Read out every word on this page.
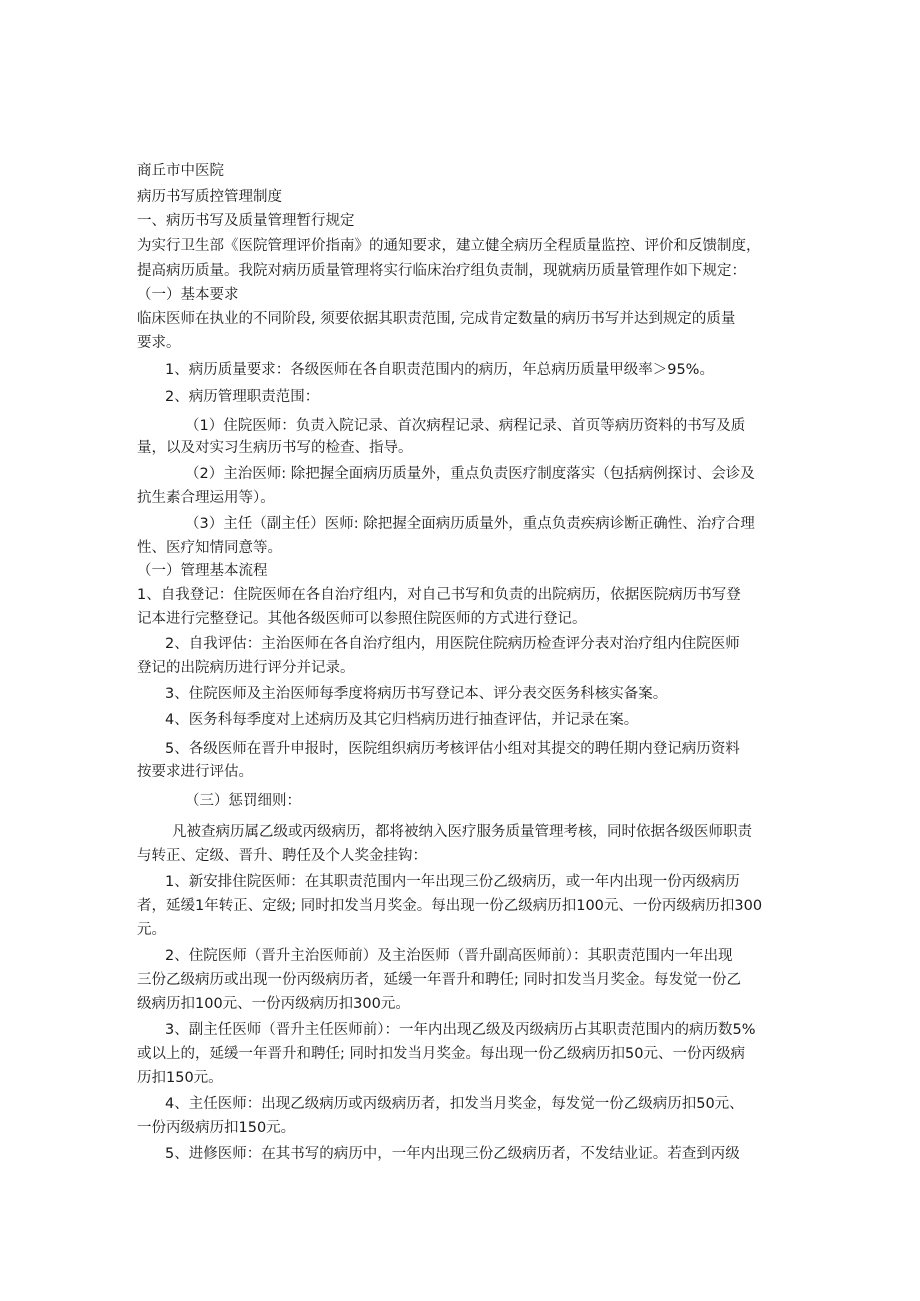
商丘市中医院
病历书写质控管理制度
一、病历书写及质量管理暂行规定
为实行卫生部《医院管理评价指南》的通知要求，建立健全病历全程质量监控、评价和反馈制度，
提高病历质量。我院对病历质量管理将实行临床治疗组负责制，现就病历质量管理作如下规定：
（一）基本要求
临床医师在执业的不同阶段, 须要依据其职责范围, 完成肯定数量的病历书写并达到规定的质量
要求。
1、病历质量要求：各级医师在各自职责范围内的病历，年总病历质量甲级率＞95%。
2、病历管理职责范围：
（1）住院医师：负责入院记录、首次病程记录、病程记录、首页等病历资料的书写及质
量，以及对实习生病历书写的检查、指导。
（2）主治医师: 除把握全面病历质量外，重点负责医疗制度落实（包括病例探讨、会诊及
抗生素合理运用等）。
（3）主任（副主任）医师: 除把握全面病历质量外，重点负责疾病诊断正确性、治疗合理
性、医疗知情同意等。
（一）管理基本流程
1、自我登记：住院医师在各自治疗组内，对自己书写和负责的出院病历，依据医院病历书写登
记本进行完整登记。其他各级医师可以参照住院医师的方式进行登记。
2、自我评估：主治医师在各自治疗组内，用医院住院病历检查评分表对治疗组内住院医师
登记的出院病历进行评分并记录。
3、住院医师及主治医师每季度将病历书写登记本、评分表交医务科核实备案。
4、医务科每季度对上述病历及其它归档病历进行抽查评估，并记录在案。
5、各级医师在晋升申报时，医院组织病历考核评估小组对其提交的聘任期内登记病历资料
按要求进行评估。
（三）惩罚细则：
凡被查病历属乙级或丙级病历，都将被纳入医疗服务质量管理考核，同时依据各级医师职责
与转正、定级、晋升、聘任及个人奖金挂钩：
1、新安排住院医师：在其职责范围内一年出现三份乙级病历，或一年内出现一份丙级病历
者，延缓1年转正、定级; 同时扣发当月奖金。每出现一份乙级病历扣100元、一份丙级病历扣300
元。
2、住院医师（晋升主治医师前）及主治医师（晋升副高医师前）：其职责范围内一年出现
三份乙级病历或出现一份丙级病历者，延缓一年晋升和聘任; 同时扣发当月奖金。每发觉一份乙
级病历扣100元、一份丙级病历扣300元。
3、副主任医师（晋升主任医师前）：一年内出现乙级及丙级病历占其职责范围内的病历数5%
或以上的，延缓一年晋升和聘任; 同时扣发当月奖金。每出现一份乙级病历扣50元、一份丙级病
历扣150元。
4、主任医师：出现乙级病历或丙级病历者，扣发当月奖金，每发觉一份乙级病历扣50元、
一份丙级病历扣150元。
5、进修医师：在其书写的病历中，一年内出现三份乙级病历者，不发结业证。若查到丙级
